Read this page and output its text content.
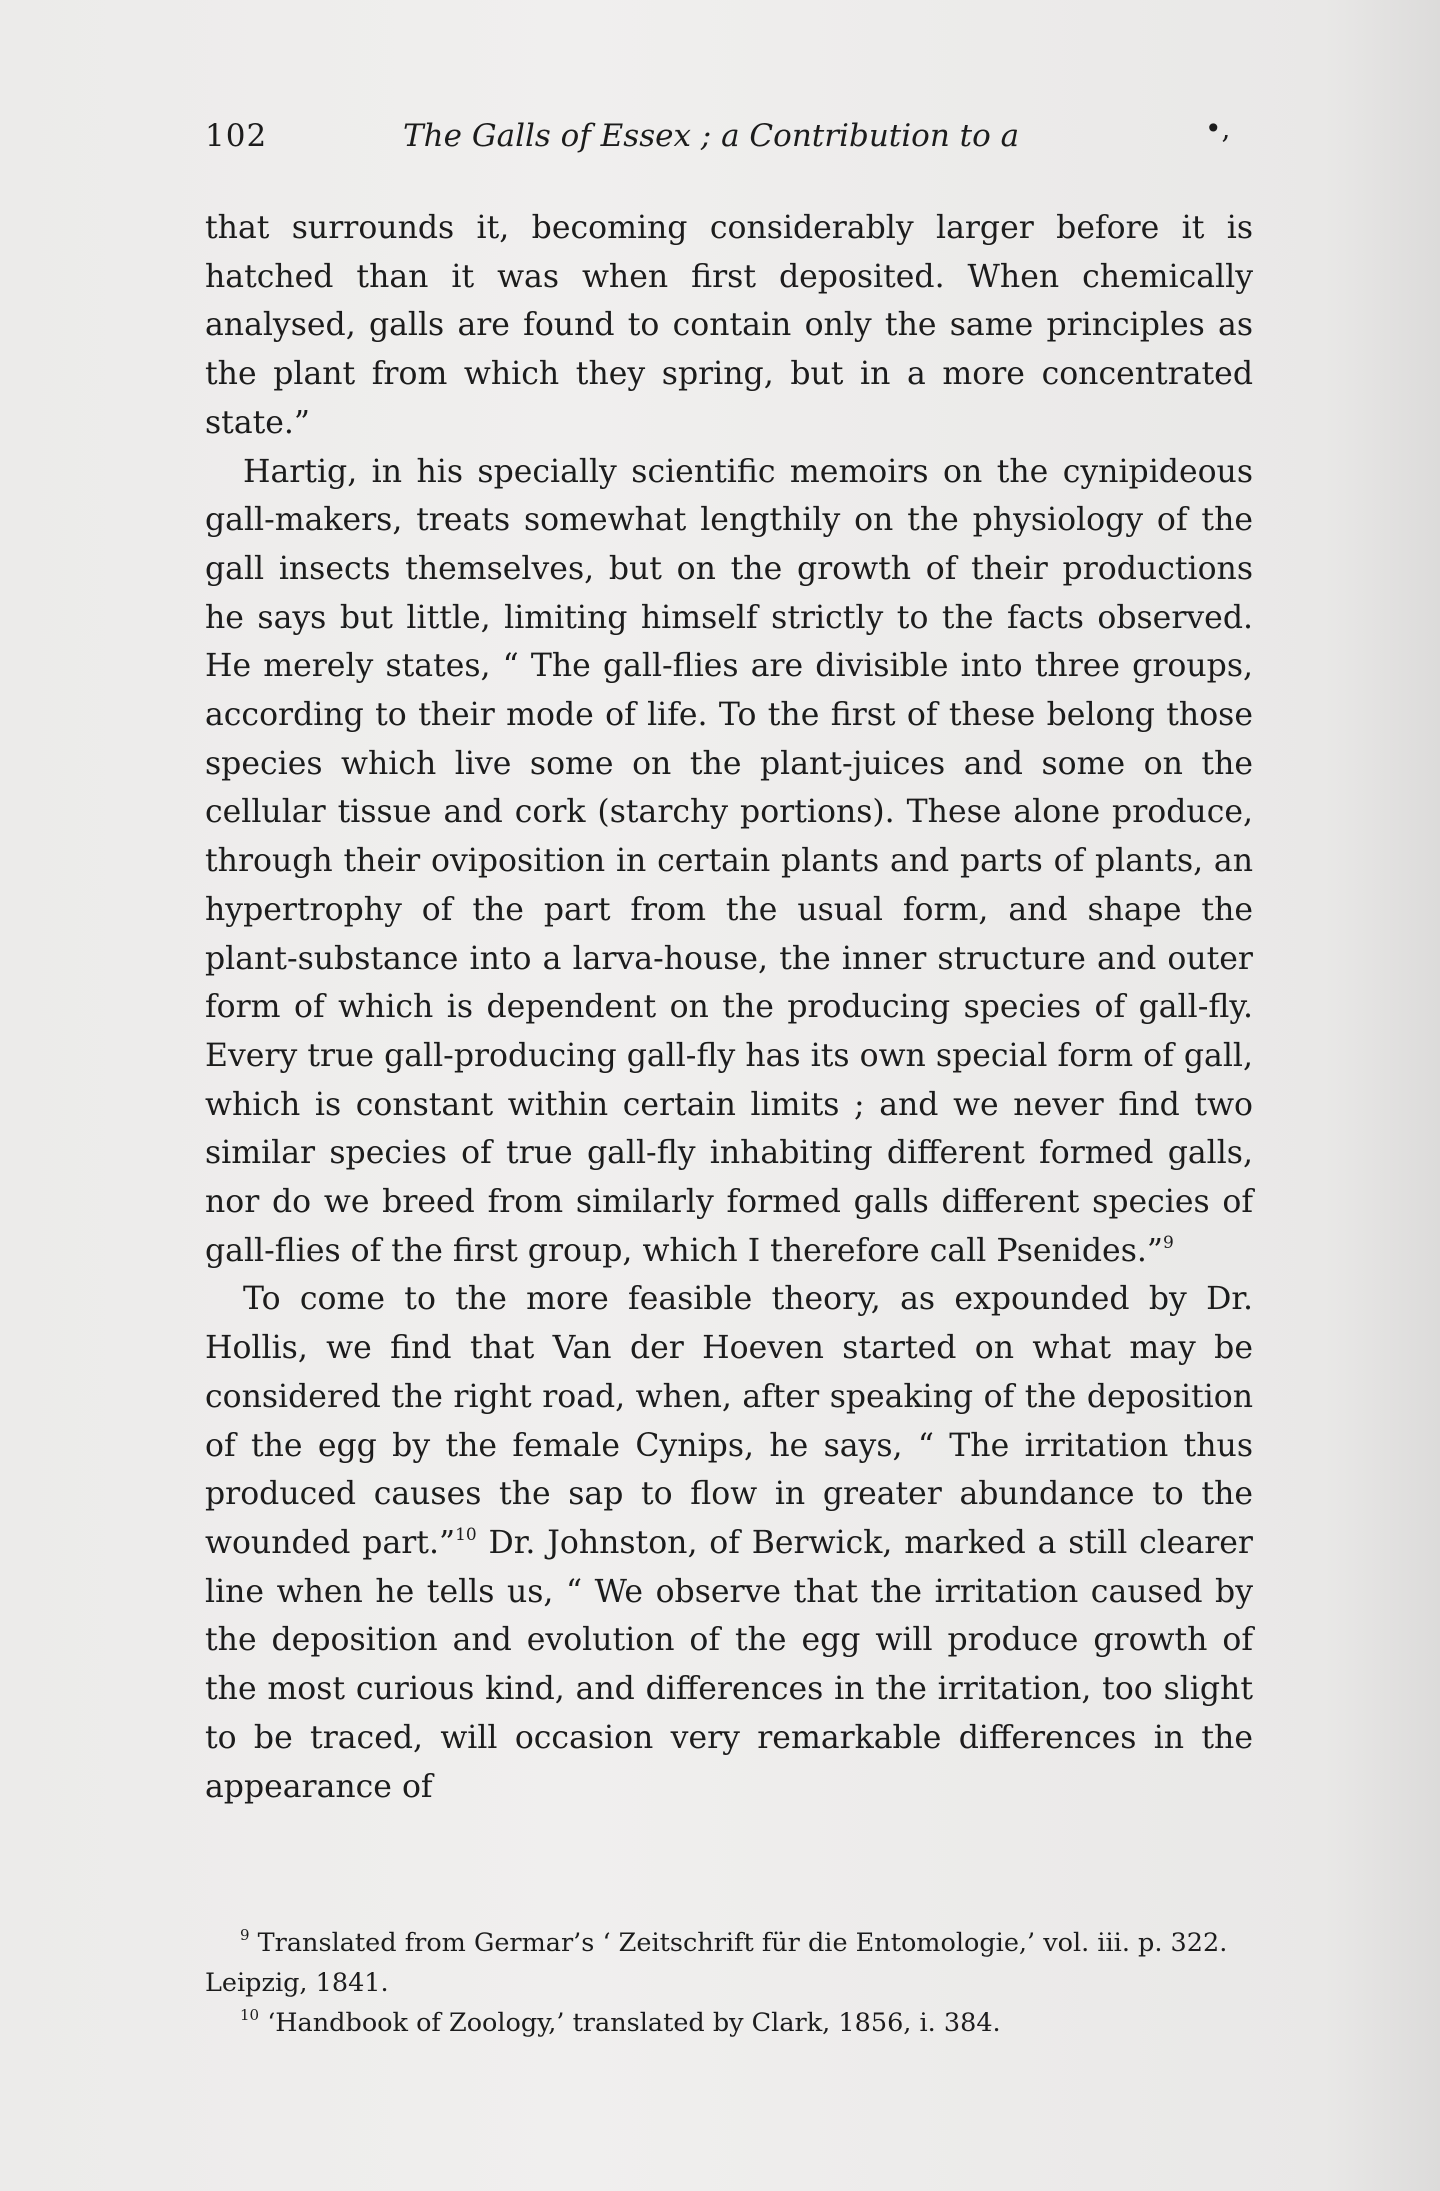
102	The Galls of Essex ; a Contribution to a	•,

that surrounds it, becoming considerably larger before it is hatched than it was when first deposited. When chemically analysed, galls are found to contain only the same principles as the plant from which they spring, but in a more concentrated state.”

Hartig, in his specially scientific memoirs on the cynipideous gall-makers, treats somewhat lengthily on the physiology of the gall insects themselves, but on the growth of their productions he says but little, limiting himself strictly to the facts observed. He merely states, “ The gall-flies are divisible into three groups, according to their mode of life. To the first of these belong those species which live some on the plant-juices and some on the cellular tissue and cork (starchy portions). These alone produce, through their oviposition in certain plants and parts of plants, an hypertrophy of the part from the usual form, and shape the plant-substance into a larva-house, the inner structure and outer form of which is dependent on the producing species of gall-fly. Every true gall-producing gall-fly has its own special form of gall, which is constant within certain limits ; and we never find two similar species of true gall-fly inhabiting different formed galls, nor do we breed from similarly formed galls different species of gall-flies of the first group, which I therefore call Psenides.”$^9$

To come to the more feasible theory, as expounded by Dr. Hollis, we find that Van der Hoeven started on what may be considered the right road, when, after speaking of the deposition of the egg by the female Cynips, he says, “ The irritation thus produced causes the sap to flow in greater abundance to the wounded part.”$^{10}$ Dr. Johnston, of Berwick, marked a still clearer line when he tells us, “ We observe that the irritation caused by the deposition and evolution of the egg will produce growth of the most curious kind, and differences in the irritation, too slight to be traced, will occasion very remarkable differences in the appearance of

$^9$ Translated from Germar’s ‘ Zeitschrift für die Entomologie,’ vol. iii. p. 322. Leipzig, 1841.

$^{10}$ ‘Handbook of Zoology,’ translated by Clark, 1856, i. 384.
